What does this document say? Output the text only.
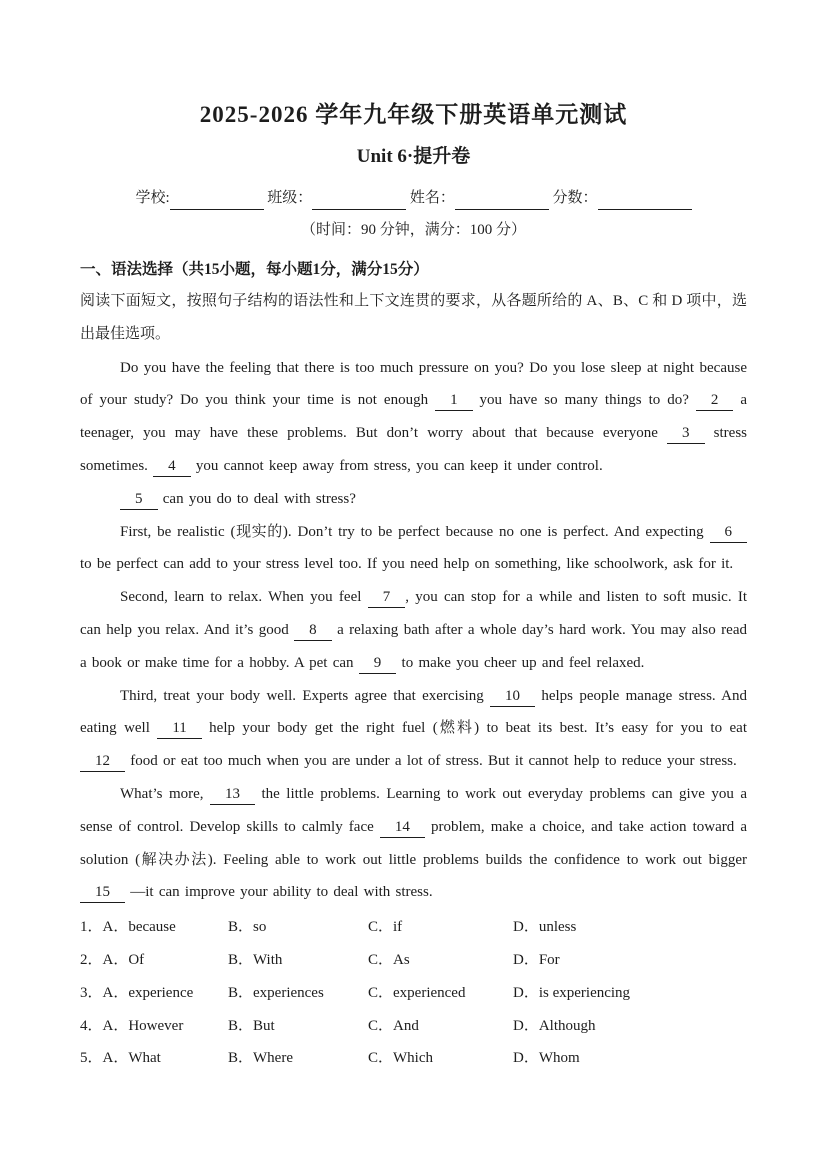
2025-2026 学年九年级下册英语单元测试
Unit 6·提升卷
学校:	班级：	姓名：	分数：
（时间：90 分钟，满分：100 分）
一、语法选择（共15小题，每小题1分，满分15分）
阅读下面短文，按照句子结构的语法性和上下文连贯的要求，从各题所给的 A、B、C 和 D 项中，选出最佳选项。

Do you have the feeling that there is too much pressure on you? Do you lose sleep at night because of your study? Do you think your time is not enough 1 you have so many things to do? 2 a teenager, you may have these problems. But don’t worry about that because everyone 3 stress sometimes. 4 you cannot keep away from stress, you can keep it under control.

5 can you do to deal with stress?

First, be realistic (现实的). Don’t try to be perfect because no one is perfect. And expecting 6 to be perfect can add to your stress level too. If you need help on something, like schoolwork, ask for it.

Second, learn to relax. When you feel 7 , you can stop for a while and listen to soft music. It can help you relax. And it’s good 8 a relaxing bath after a whole day’s hard work. You may also read a book or make time for a hobby. A pet can 9 to make you cheer up and feel relaxed.

Third, treat your body well. Experts agree that exercising 10 helps people manage stress. And eating well 11 help your body get the right fuel (燃料) to beat its best. It’s easy for you to eat 12 food or eat too much when you are under a lot of stress. But it cannot help to reduce your stress.

What’s more, 13 the little problems. Learning to work out everyday problems can give you a sense of control. Develop skills to calmly face 14 problem, make a choice, and take action toward a solution (解决办法). Feeling able to work out little problems builds the confidence to work out bigger 15 —it can improve your ability to deal with stress.

1．A．because	B．so	C．if	D．unless
2．A．Of	B．With	C．As	D．For
3．A．experience	B．experiences	C．experienced	D．is experiencing
4．A．However	B．But	C．And	D．Although
5．A．What	B．Where	C．Which	D．Whom
